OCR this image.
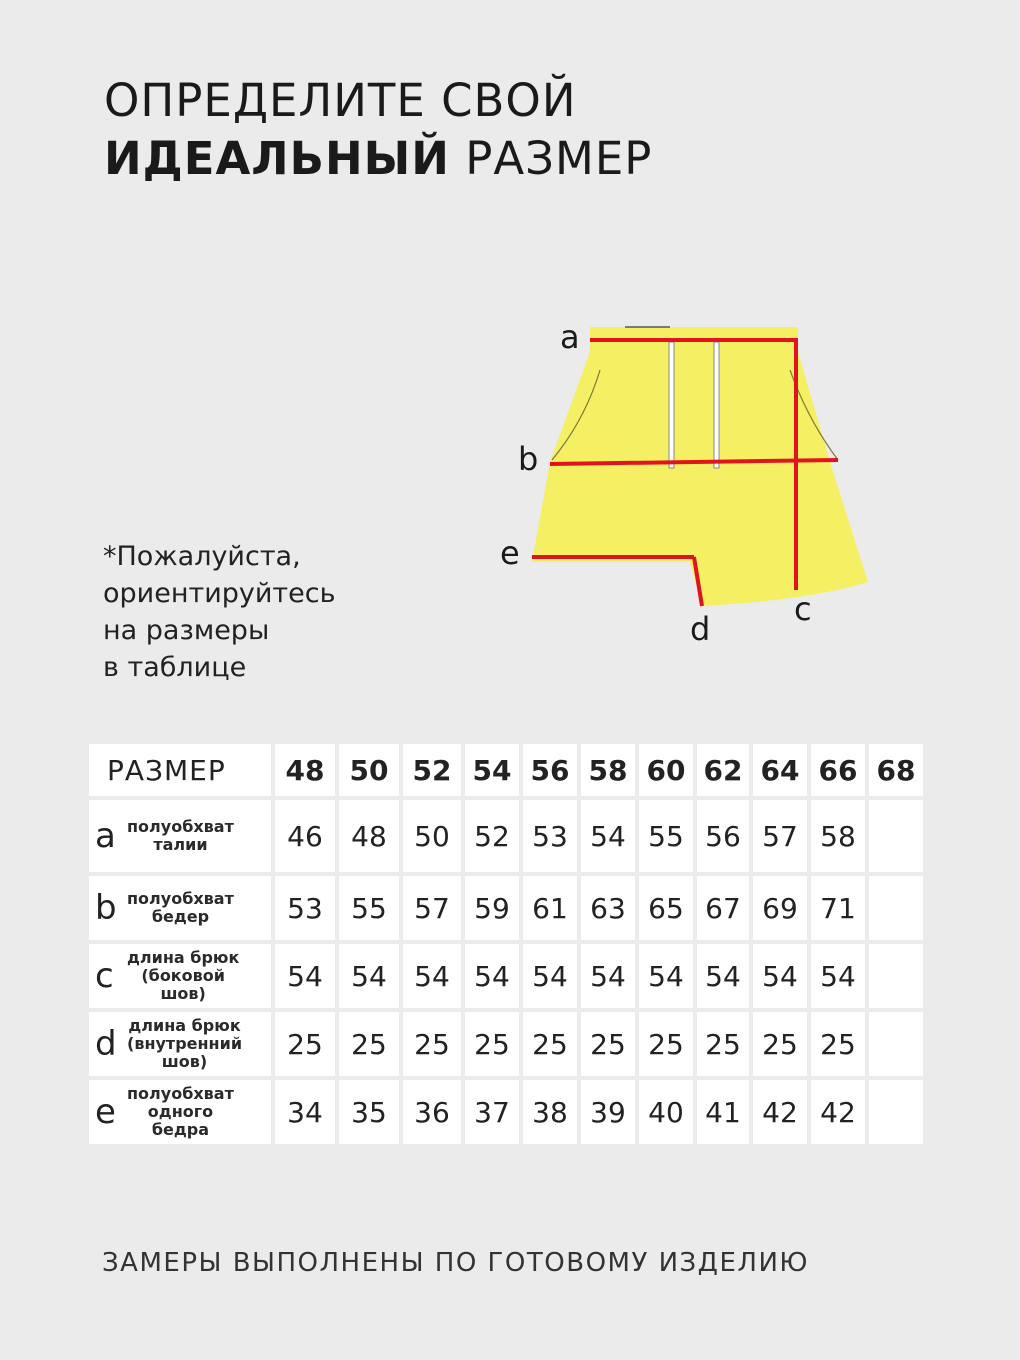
ОПРЕДЕЛИТЕ СВОЙ
ИДЕАЛЬНЫЙ РАЗМЕР
*Пожалуйста,
ориентируйтесь
на размеры
в таблице
a
b
e
c
d
РАЗМЕР	48	50	52	54	56	58	60	62	64	66	68

a полуобхват
талии	46	48	50	52	53	54	55	56	57	58	

b полуобхват
бедер	53	55	57	59	61	63	65	67	69	71	

c длина брюк
(боковой
шов)	54	54	54	54	54	54	54	54	54	54	

d длина брюк
(внутренний
шов)	25	25	25	25	25	25	25	25	25	25	

e полуобхват
одного
бедра	34	35	36	37	38	39	40	41	42	42	
ЗАМЕРЫ ВЫПОЛНЕНЫ ПО ГОТОВОМУ ИЗДЕЛИЮ
